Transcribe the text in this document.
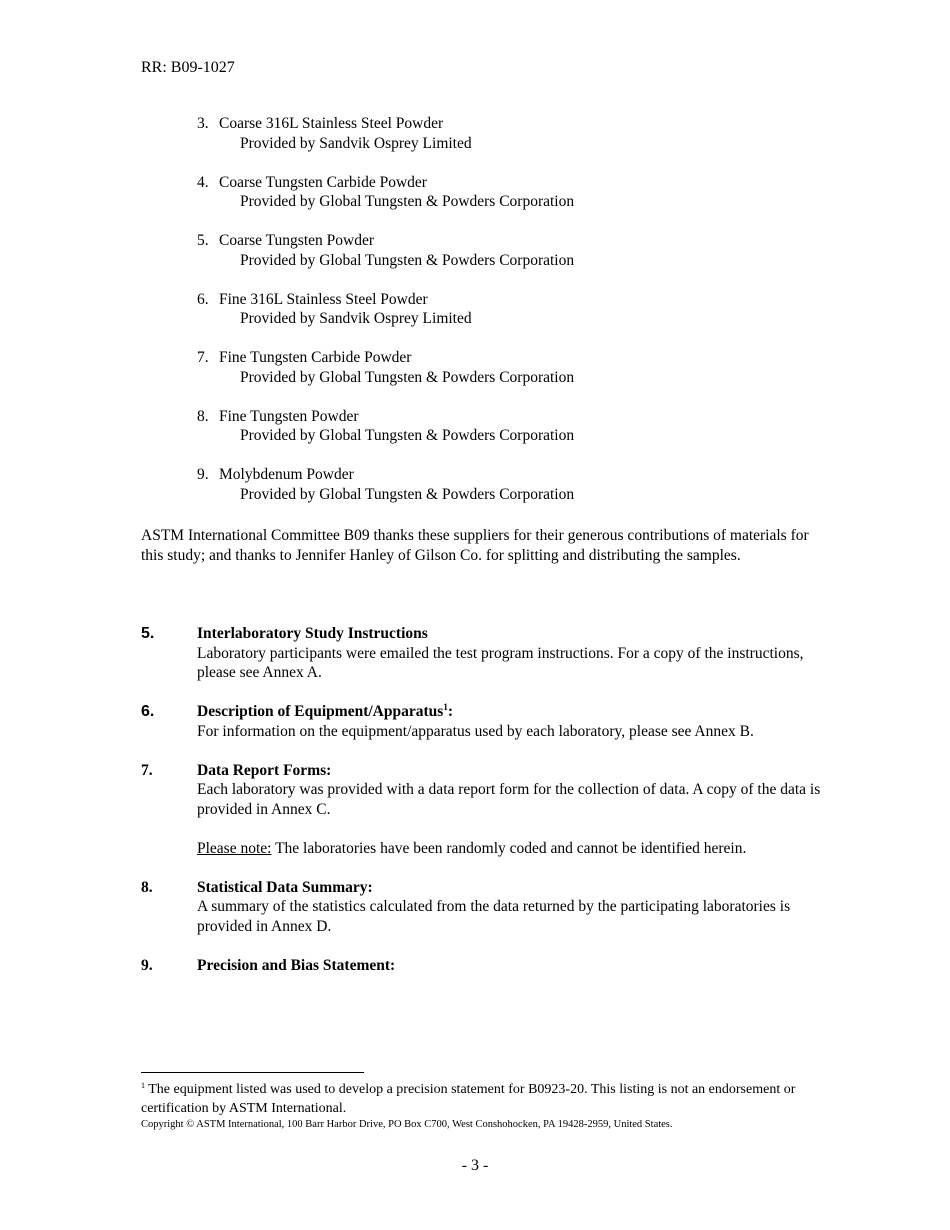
RR: B09-1027
3. Coarse 316L Stainless Steel Powder
Provided by Sandvik Osprey Limited
4. Coarse Tungsten Carbide Powder
Provided by Global Tungsten & Powders Corporation
5. Coarse Tungsten Powder
Provided by Global Tungsten & Powders Corporation
6. Fine 316L Stainless Steel Powder
Provided by Sandvik Osprey Limited
7. Fine Tungsten Carbide Powder
Provided by Global Tungsten & Powders Corporation
8. Fine Tungsten Powder
Provided by Global Tungsten & Powders Corporation
9. Molybdenum Powder
Provided by Global Tungsten & Powders Corporation
ASTM International Committee B09 thanks these suppliers for their generous contributions of materials for this study; and thanks to Jennifer Hanley of Gilson Co. for splitting and distributing the samples.
5.	Interlaboratory Study Instructions
Laboratory participants were emailed the test program instructions. For a copy of the instructions, please see Annex A.
6.	Description of Equipment/Apparatus$^1$:
For information on the equipment/apparatus used by each laboratory, please see Annex B.
7.	Data Report Forms:
Each laboratory was provided with a data report form for the collection of data. A copy of the data is provided in Annex C.
Please note: The laboratories have been randomly coded and cannot be identified herein.
8.	Statistical Data Summary:
A summary of the statistics calculated from the data returned by the participating laboratories is provided in Annex D.
9.	Precision and Bias Statement:
$^1$ The equipment listed was used to develop a precision statement for B0923-20. This listing is not an endorsement or certification by ASTM International.
Copyright © ASTM International, 100 Barr Harbor Drive, PO Box C700, West Conshohocken, PA 19428-2959, United States.
- 3 -
